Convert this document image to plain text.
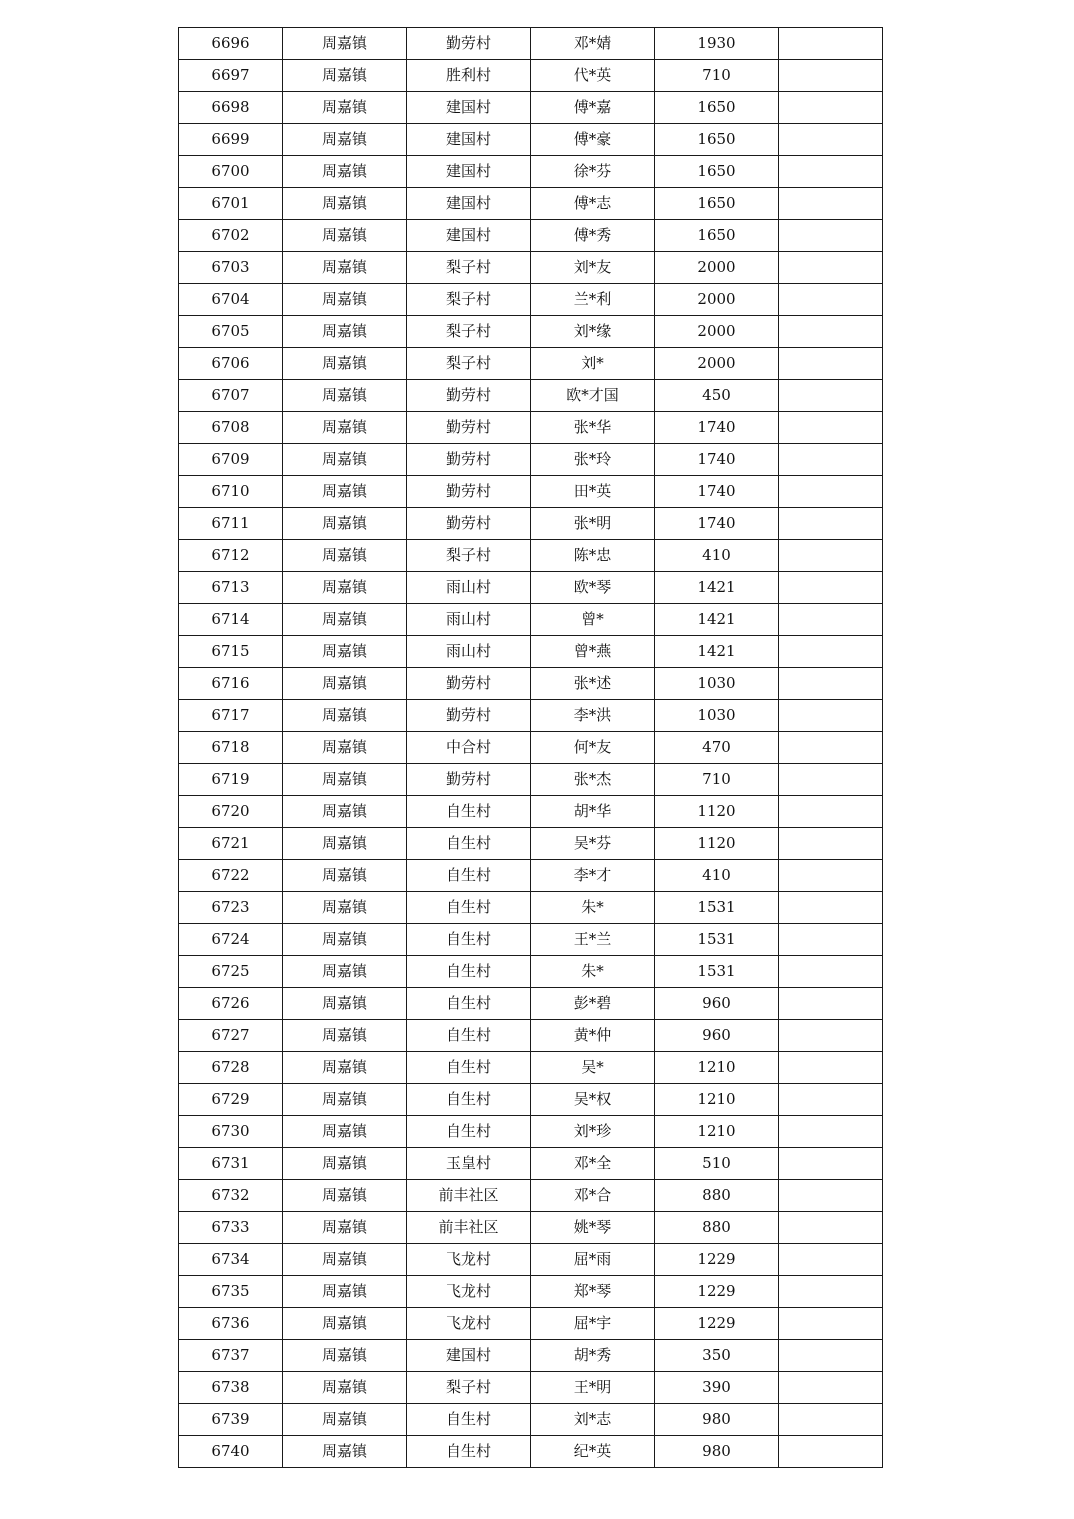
6696	周嘉镇	勤劳村	邓*婧	1930	
6697	周嘉镇	胜利村	代*英	710	
6698	周嘉镇	建国村	傅*嘉	1650	
6699	周嘉镇	建国村	傅*豪	1650	
6700	周嘉镇	建国村	徐*芬	1650	
6701	周嘉镇	建国村	傅*志	1650	
6702	周嘉镇	建国村	傅*秀	1650	
6703	周嘉镇	梨子村	刘*友	2000	
6704	周嘉镇	梨子村	兰*利	2000	
6705	周嘉镇	梨子村	刘*缘	2000	
6706	周嘉镇	梨子村	刘*	2000	
6707	周嘉镇	勤劳村	欧*才国	450	
6708	周嘉镇	勤劳村	张*华	1740	
6709	周嘉镇	勤劳村	张*玲	1740	
6710	周嘉镇	勤劳村	田*英	1740	
6711	周嘉镇	勤劳村	张*明	1740	
6712	周嘉镇	梨子村	陈*忠	410	
6713	周嘉镇	雨山村	欧*琴	1421	
6714	周嘉镇	雨山村	曾*	1421	
6715	周嘉镇	雨山村	曾*燕	1421	
6716	周嘉镇	勤劳村	张*述	1030	
6717	周嘉镇	勤劳村	李*洪	1030	
6718	周嘉镇	中合村	何*友	470	
6719	周嘉镇	勤劳村	张*杰	710	
6720	周嘉镇	自生村	胡*华	1120	
6721	周嘉镇	自生村	吴*芬	1120	
6722	周嘉镇	自生村	李*才	410	
6723	周嘉镇	自生村	朱*	1531	
6724	周嘉镇	自生村	王*兰	1531	
6725	周嘉镇	自生村	朱*	1531	
6726	周嘉镇	自生村	彭*碧	960	
6727	周嘉镇	自生村	黄*仲	960	
6728	周嘉镇	自生村	吴*	1210	
6729	周嘉镇	自生村	吴*权	1210	
6730	周嘉镇	自生村	刘*珍	1210	
6731	周嘉镇	玉皇村	邓*全	510	
6732	周嘉镇	前丰社区	邓*合	880	
6733	周嘉镇	前丰社区	姚*琴	880	
6734	周嘉镇	飞龙村	屈*雨	1229	
6735	周嘉镇	飞龙村	郑*琴	1229	
6736	周嘉镇	飞龙村	屈*宇	1229	
6737	周嘉镇	建国村	胡*秀	350	
6738	周嘉镇	梨子村	王*明	390	
6739	周嘉镇	自生村	刘*志	980	
6740	周嘉镇	自生村	纪*英	980	
